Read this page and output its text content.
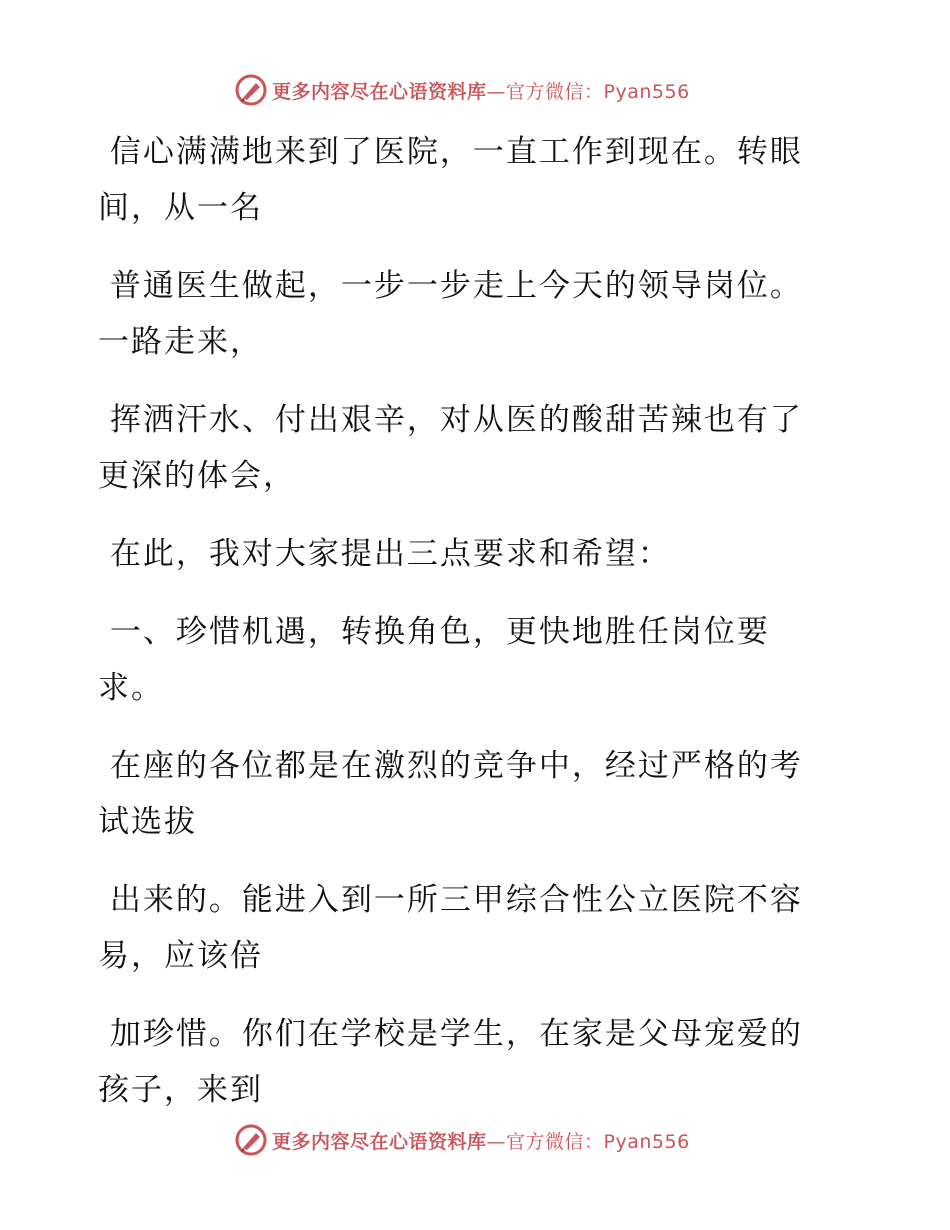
更多内容尽在心语资料库—官方微信：Pyan556

信心满满地来到了医院，一直工作到现在。转眼
间，从一名

普通医生做起，一步一步走上今天的领导岗位。
一路走来，

挥洒汗水、付出艰辛，对从医的酸甜苦辣也有了
更深的体会，

在此，我对大家提出三点要求和希望：

一、珍惜机遇，转换角色，更快地胜任岗位要
求。

在座的各位都是在激烈的竞争中，经过严格的考
试选拔

出来的。能进入到一所三甲综合性公立医院不容
易，应该倍

加珍惜。你们在学校是学生，在家是父母宠爱的
孩子，来到

更多内容尽在心语资料库—官方微信：Pyan556
